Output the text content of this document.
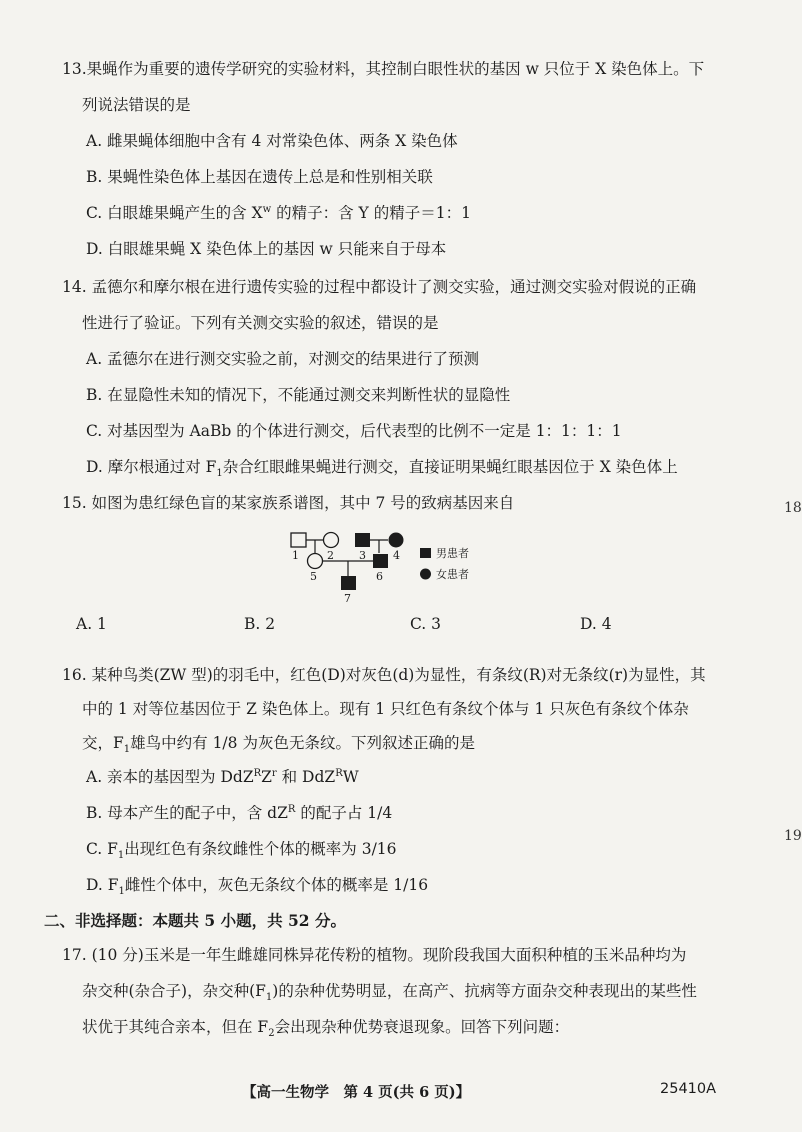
13.果蝇作为重要的遗传学研究的实验材料，其控制白眼性状的基因 w 只位于 X 染色体上。下
列说法错误的是
A. 雌果蝇体细胞中含有 4 对常染色体、两条 X 染色体
B. 果蝇性染色体上基因在遗传上总是和性别相关联
C. 白眼雄果蝇产生的含 $X^w$ 的精子：含 Y 的精子＝1：1
D. 白眼雄果蝇 X 染色体上的基因 w 只能来自于母本
14. 孟德尔和摩尔根在进行遗传实验的过程中都设计了测交实验，通过测交实验对假说的正确
性进行了验证。下列有关测交实验的叙述，错误的是
A. 孟德尔在进行测交实验之前，对测交的结果进行了预测
B. 在显隐性未知的情况下，不能通过测交来判断性状的显隐性
C. 对基因型为 AaBb 的个体进行测交，后代表型的比例不一定是 1：1：1：1
D. 摩尔根通过对 $F_1$杂合红眼雌果蝇进行测交，直接证明果蝇红眼基因位于 X 染色体上
15. 如图为患红绿色盲的某家族系谱图，其中 7 号的致病基因来自
1	2 3 4
5	6
7
男患者
女患者
A. 1	B. 2	C. 3	D. 4
16. 某种鸟类(ZW 型)的羽毛中，红色(D)对灰色(d)为显性，有条纹(R)对无条纹(r)为显性，其
中的 1 对等位基因位于 Z 染色体上。现有 1 只红色有条纹个体与 1 只灰色有条纹个体杂
交，$F_1$雄鸟中约有 1/8 为灰色无条纹。下列叙述正确的是
A. 亲本的基因型为 $DdZ^RZ^r$ 和 DdZ$^R$W
B. 母本产生的配子中，含 $dZ^R$ 的配子占 1/4
C. $F_1$出现红色有条纹雌性个体的概率为 3/16
D. $F_1$雌性个体中，灰色无条纹个体的概率是 1/16
二、非选择题：本题共 5 小题，共 52 分。
17. (10 分)玉米是一年生雌雄同株异花传粉的植物。现阶段我国大面积种植的玉米品种均为
杂交种(杂合子)，杂交种$(F_1)$的杂种优势明显，在高产、抗病等方面杂交种表现出的某些性
状优于其纯合亲本，但在 $F_2$会出现杂种优势衰退现象。回答下列问题：
18
19
【高一生物学　第 4 页(共 6 页)】	25410A
